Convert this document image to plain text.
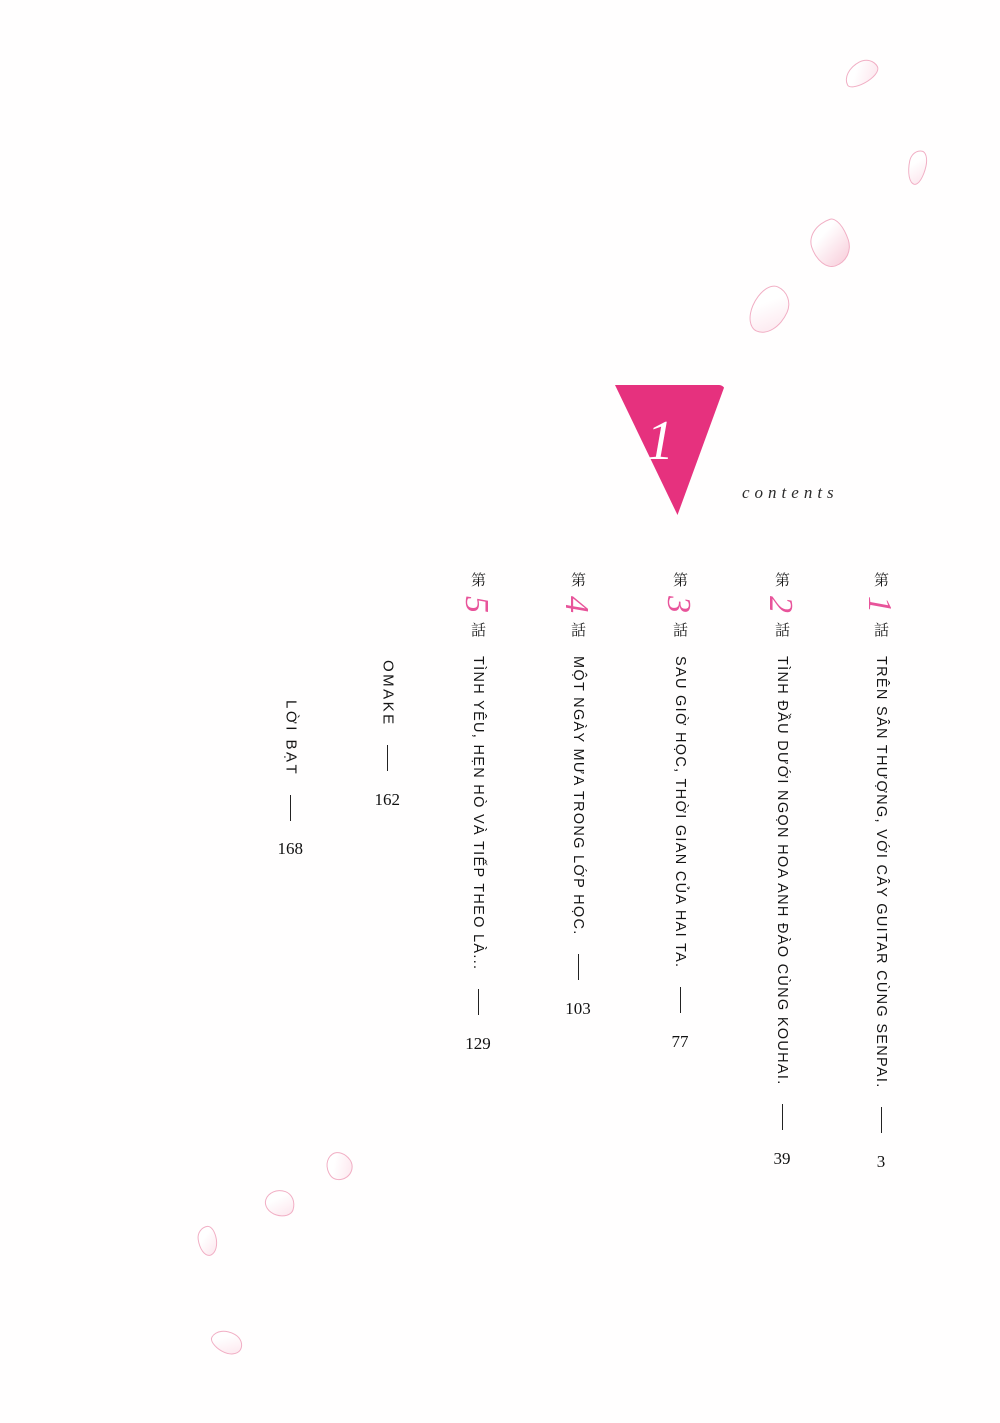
1
contents
第 1 話 TRÊN SÂN THƯỢNG, VỚI CÂY GUITAR CÙNG SENPAI.  3
第 2 話 TÌNH ĐẦU DƯỚI NGỌN HOA ANH ĐÀO CÙNG KOUHAI.  39
第 3 話 SAU GIỜ HỌC, THỜI GIAN CỦA HAI TA.  77
第 4 話 MỘT NGÀY MƯA TRONG LỚP HỌC.  103
第 5 話 TÌNH YÊU, HẸN HÒ VÀ TIẾP THEO LÀ...  129
OMAKE  162
LỜI BẠT  168
